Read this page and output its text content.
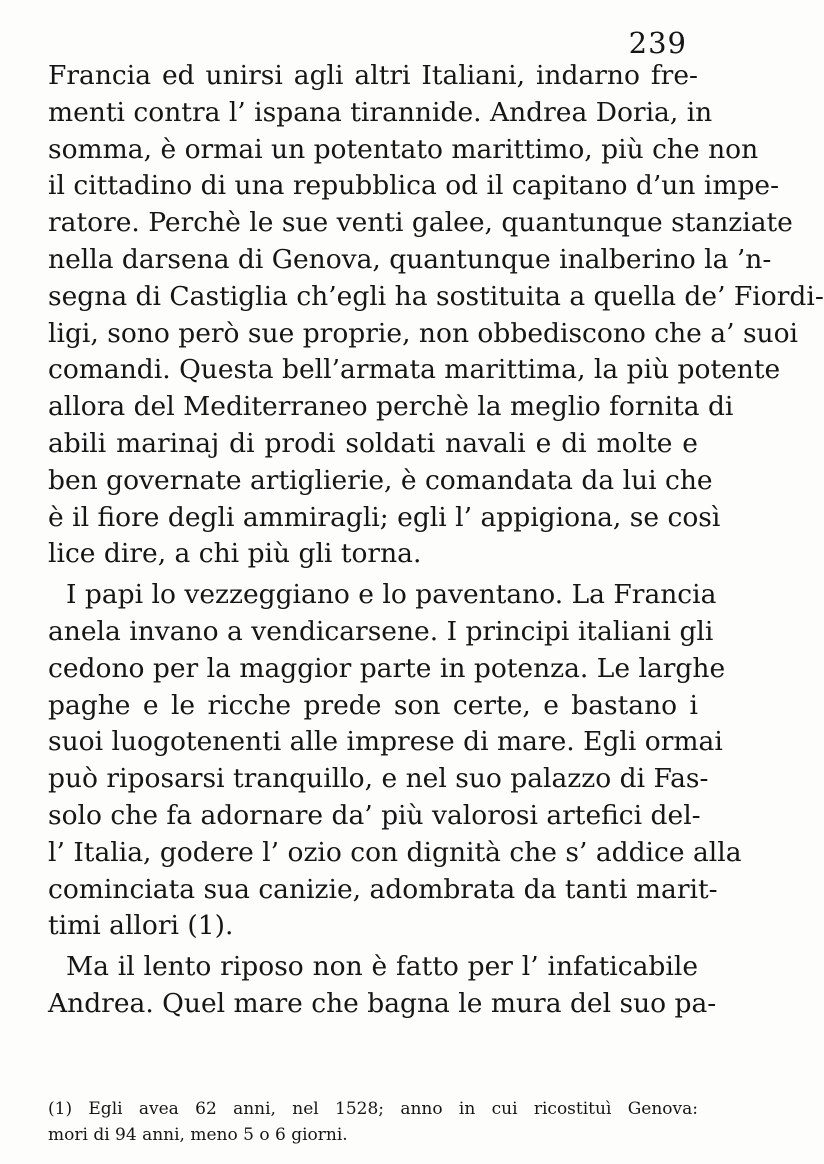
239
Francia ed unirsi agli altri Italiani, indarno fre-
menti contra l’ ispana tirannide. Andrea Doria, in
somma, è ormai un potentato marittimo, più che non
il cittadino di una repubblica od il capitano d’un impe-
ratore. Perchè le sue venti galee, quantunque stanziate
nella darsena di Genova, quantunque inalberino la ’n-
segna di Castiglia ch’egli ha sostituita a quella de’ Fiordi-
ligi, sono però sue proprie, non obbediscono che a’ suoi
comandi. Questa bell’armata marittima, la più potente
allora del Mediterraneo perchè la meglio fornita di
abili marinaj di prodi soldati navali e di molte e
ben governate artiglierie, è comandata da lui che
è il fiore degli ammiragli; egli l’ appigiona, se così
lice dire, a chi più gli torna.
I papi lo vezzeggiano e lo paventano. La Francia
anela invano a vendicarsene. I principi italiani gli
cedono per la maggior parte in potenza. Le larghe
paghe e le ricche prede son certe, e bastano i
suoi luogotenenti alle imprese di mare. Egli ormai
può riposarsi tranquillo, e nel suo palazzo di Fas-
solo che fa adornare da’ più valorosi artefici del-
l’ Italia, godere l’ ozio con dignità che s’ addice alla
cominciata sua canizie, adombrata da tanti marit-
timi allori (1).
Ma il lento riposo non è fatto per l’ infaticabile
Andrea. Quel mare che bagna le mura del suo pa-
(1) Egli avea 62 anni, nel 1528; anno in cui ricostituì Genova:
mori di 94 anni, meno 5 o 6 giorni.
